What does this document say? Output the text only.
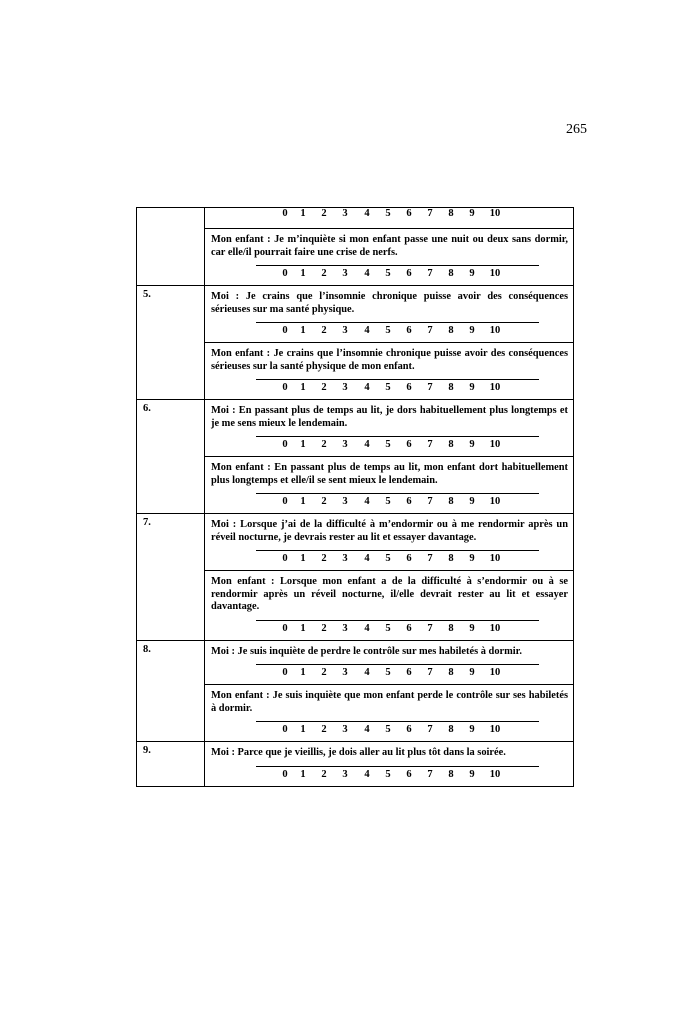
265
0 1 2 3 4 5 6 7 8 9 10
Mon enfant : Je m’inquiète si mon enfant passe une nuit ou deux sans dormir, car elle/il pourrait faire une crise de nerfs.
0 1 2 3 4 5 6 7 8 9 10
5.	Moi : Je crains que l’insomnie chronique puisse avoir des conséquences sérieuses sur ma santé physique.
0 1 2 3 4 5 6 7 8 9 10
Mon enfant : Je crains que l’insomnie chronique puisse avoir des conséquences sérieuses sur la santé physique de mon enfant.
0 1 2 3 4 5 6 7 8 9 10
6.	Moi : En passant plus de temps au lit, je dors habituellement plus longtemps et je me sens mieux le lendemain.
0 1 2 3 4 5 6 7 8 9 10
Mon enfant : En passant plus de temps au lit, mon enfant dort habituellement plus longtemps et elle/il se sent mieux le lendemain.
0 1 2 3 4 5 6 7 8 9 10
7.	Moi : Lorsque j’ai de la difficulté à m’endormir ou à me rendormir après un réveil nocturne, je devrais rester au lit et essayer davantage.
0 1 2 3 4 5 6 7 8 9 10
Mon enfant : Lorsque mon enfant a de la difficulté à s’endormir ou à se rendormir après un réveil nocturne, il/elle devrait rester au lit et essayer davantage.
0 1 2 3 4 5 6 7 8 9 10
8.	Moi : Je suis inquiète de perdre le contrôle sur mes habiletés à dormir.
0 1 2 3 4 5 6 7 8 9 10
Mon enfant : Je suis inquiète que mon enfant perde le contrôle sur ses habiletés à dormir.
0 1 2 3 4 5 6 7 8 9 10
9.	Moi : Parce que je vieillis, je dois aller au lit plus tôt dans la soirée.
0 1 2 3 4 5 6 7 8 9 10
